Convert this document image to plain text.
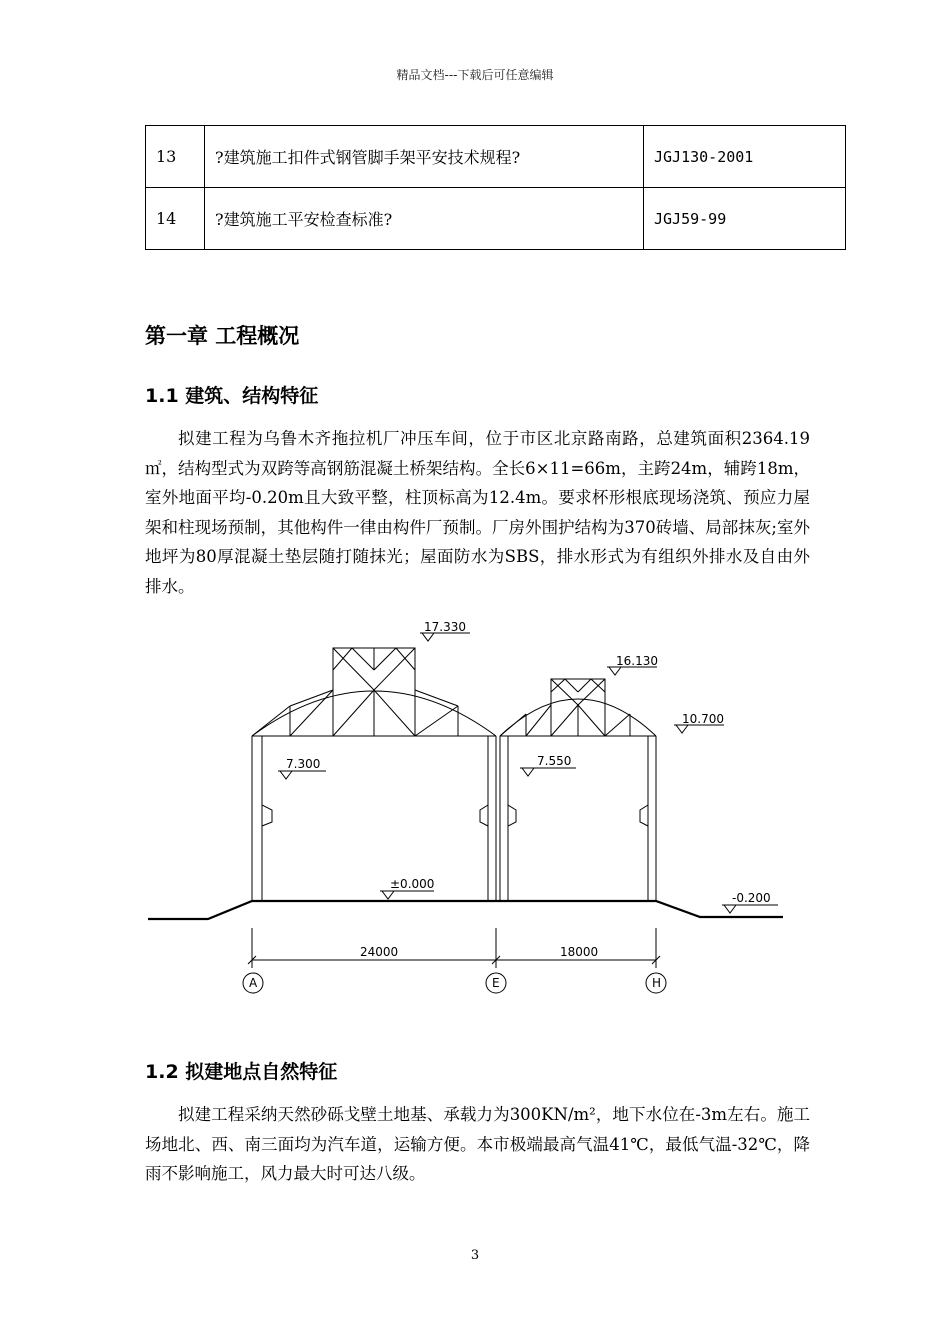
精品文档---下载后可任意编辑
13	?建筑施工扣件式钢管脚手架平安技术规程?	JGJ130-2001
14	?建筑施工平安检查标准?	JGJ59-99
第一章 工程概况
1.1 建筑、结构特征

拟建工程为乌鲁木齐拖拉机厂冲压车间，位于市区北京路南路，总建筑面积2364.19㎡，结构型式为双跨等高钢筋混凝土桥架结构。全长6×11=66m，主跨24m，辅跨18m，室外地面平均-0.20m且大致平整，柱顶标高为12.4m。要求杯形根底现场浇筑、预应力屋架和柱现场预制，其他构件一律由构件厂预制。厂房外围护结构为370砖墙、局部抹灰;室外地坪为80厚混凝土垫层随打随抹光；屋面防水为SBS，排水形式为有组织外排水及自由外排水。

17.330
16.130
10.700
7.300	7.550
±0.000
-0.200
24000	18000
A	E	H
1.2 拟建地点自然特征

拟建工程采纳天然砂砾戈壁土地基、承载力为300KN/m²，地下水位在-3m左右。施工场地北、西、南三面均为汽车道，运输方便。本市极端最高气温41℃，最低气温-32℃，降雨不影响施工，风力最大时可达八级。

3
